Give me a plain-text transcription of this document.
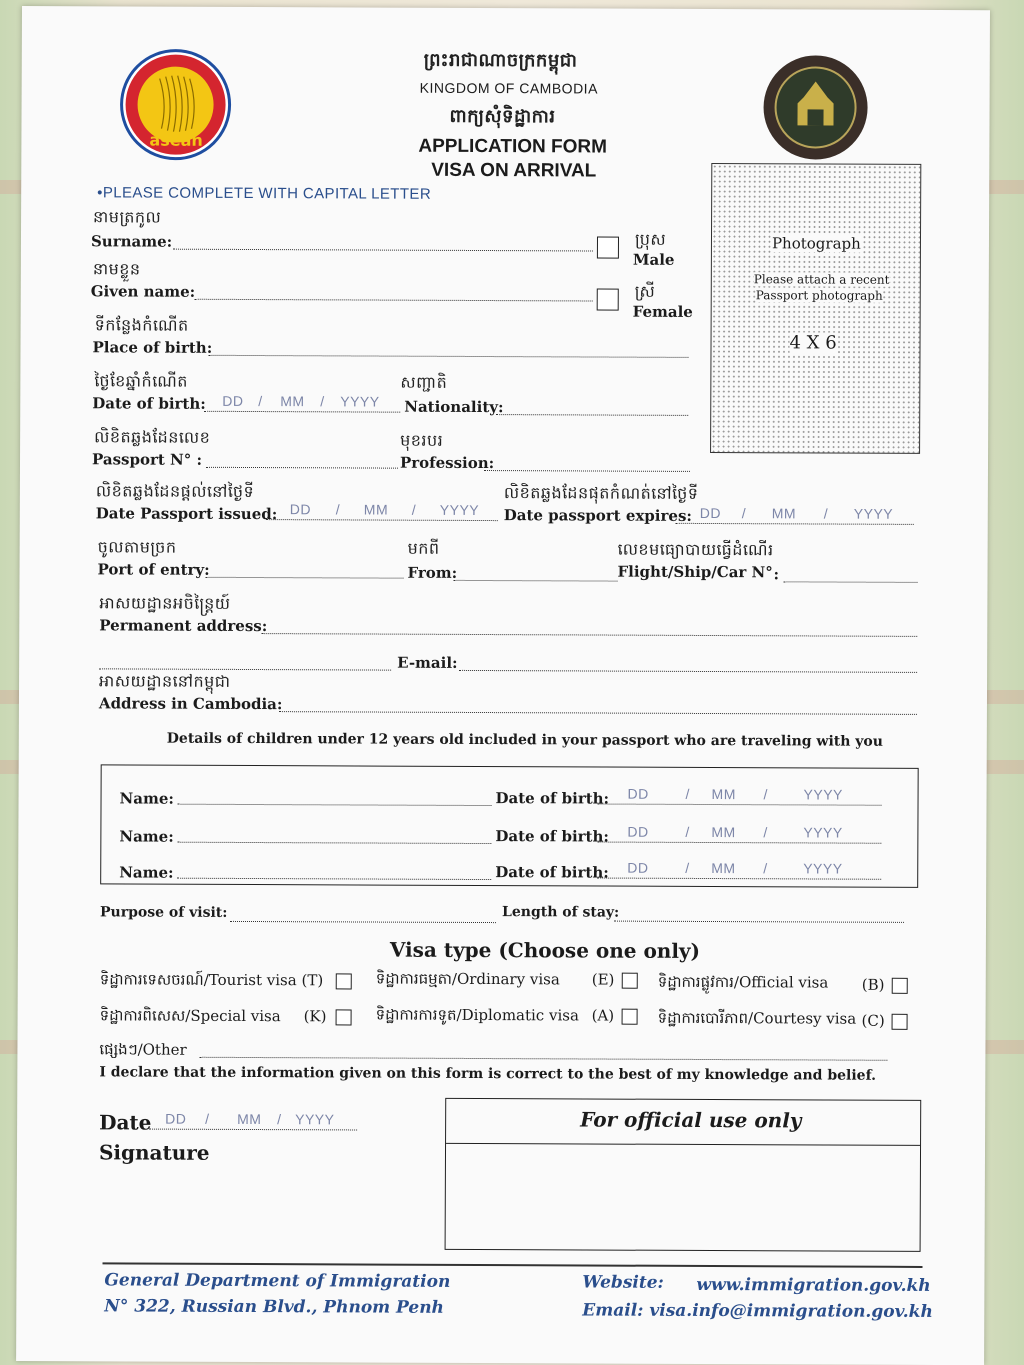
asean
ព្រះរាជាណាចក្រកម្ពុជា
KINGDOM OF CAMBODIA
ពាក្យសុំទិដ្ឋាការ
APPLICATION FORM
VISA ON ARRIVAL
•PLEASE COMPLETE WITH CAPITAL LETTER
Photograph
Please attach a recent
Passport photograph
4 X 6
នាមត្រកូល
Surname:	ប្រុស
Male
នាមខ្លួន
Given name:	ស្រី
Female
ទីកន្លែងកំណើត
Place of birth:
ថ្ងៃខែឆ្នាំកំណើត	សញ្ជាតិ
Date of birth: DD / MM / YYYY Nationality:
លិខិតឆ្លងដែនលេខ	មុខរបរ
Passport N° :	Profession:
លិខិតឆ្លងដែនផ្តល់នៅថ្ងៃទី	លិខិតឆ្លងដែនផុតកំណត់នៅថ្ងៃទី
Date Passport issued: DD / MM / YYYY Date passport expires: DD / MM / YYYY
ចូលតាមច្រក	មកពី	លេខមធ្យោបាយធ្វើដំណើរ
Port of entry:	From:	Flight/Ship/Car N° :
អាសយដ្ឋានអចិន្ត្រៃយ៍
Permanent address:
E-mail:
អាសយដ្ឋាននៅកម្ពុជា
Address in Cambodia:
Details of children under 12 years old included in your passport who are traveling with you
Name:	Date of birth: DD	/ MM /	YYYY
Name:	Date of birth: DD	/ MM /	YYYY
Name:	Date of birth: DD	/ MM /	YYYY
Purpose of visit:	Length of stay:
Visa type (Choose one only)
ទិដ្ឋាការទេសចរណ៍/Tourist visa (T)	ទិដ្ឋាការធម្មតា/Ordinary visa (E)	ទិដ្ឋាការផ្លូវការ/Official visa (B)
ទិដ្ឋាការពិសេស/Special visa (K)	ទិដ្ឋាការការទូត/Diplomatic visa (A)	ទិដ្ឋាការបោរីភាព/Courtesy visa (C)
ផ្សេងៗ/Other
I declare that the information given on this form is correct to the best of my knowledge and belief.
Date DD / MM / YYYY
Signature
For official use only
General Department of Immigration
N° 322, Russian Blvd., Phnom Penh
Website: www.immigration.gov.kh
Email: visa.info@immigration.gov.kh
